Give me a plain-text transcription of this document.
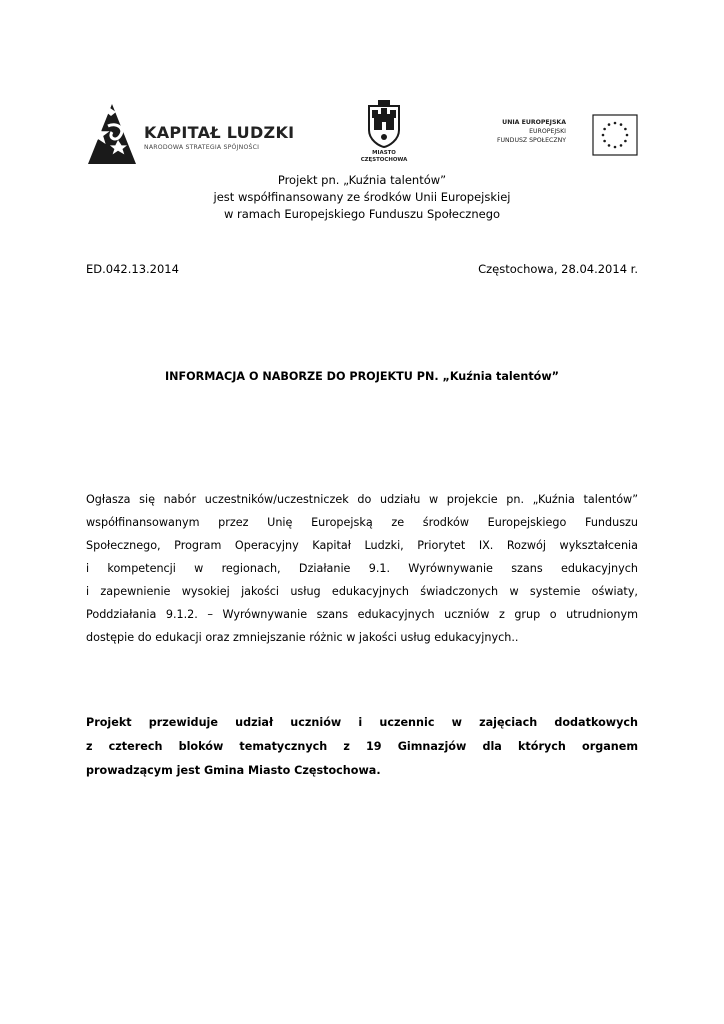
KAPITAŁ LUDZKI
NARODOWA STRATEGIA SPÓJNOŚCI
MIASTO
CZĘSTOCHOWA
UNIA EUROPEJSKA
EUROPEJSKI
FUNDUSZ SPOŁECZNY
Projekt pn. „Kuźnia talentów”
jest współfinansowany ze środków Unii Europejskiej
w ramach Europejskiego Funduszu Społecznego
ED.042.13.2014	Częstochowa, 28.04.2014 r.
INFORMACJA O NABORZE DO PROJEKTU PN. „Kuźnia talentów”
Ogłasza się nabór uczestników/uczestniczek do udziału w projekcie pn. „Kuźnia talentów”
współfinansowanym przez Unię Europejską ze środków Europejskiego Funduszu
Społecznego, Program Operacyjny Kapitał Ludzki, Priorytet IX. Rozwój wykształcenia
i kompetencji w regionach, Działanie 9.1. Wyrównywanie szans edukacyjnych
i zapewnienie wysokiej jakości usług edukacyjnych świadczonych w systemie oświaty,
Poddziałania 9.1.2. – Wyrównywanie szans edukacyjnych uczniów z grup o utrudnionym
dostępie do edukacji oraz zmniejszanie różnic w jakości usług edukacyjnych..
Projekt przewiduje udział uczniów i uczennic w zajęciach dodatkowych
z czterech bloków tematycznych z 19 Gimnazjów dla których organem
prowadzącym jest Gmina Miasto Częstochowa.
